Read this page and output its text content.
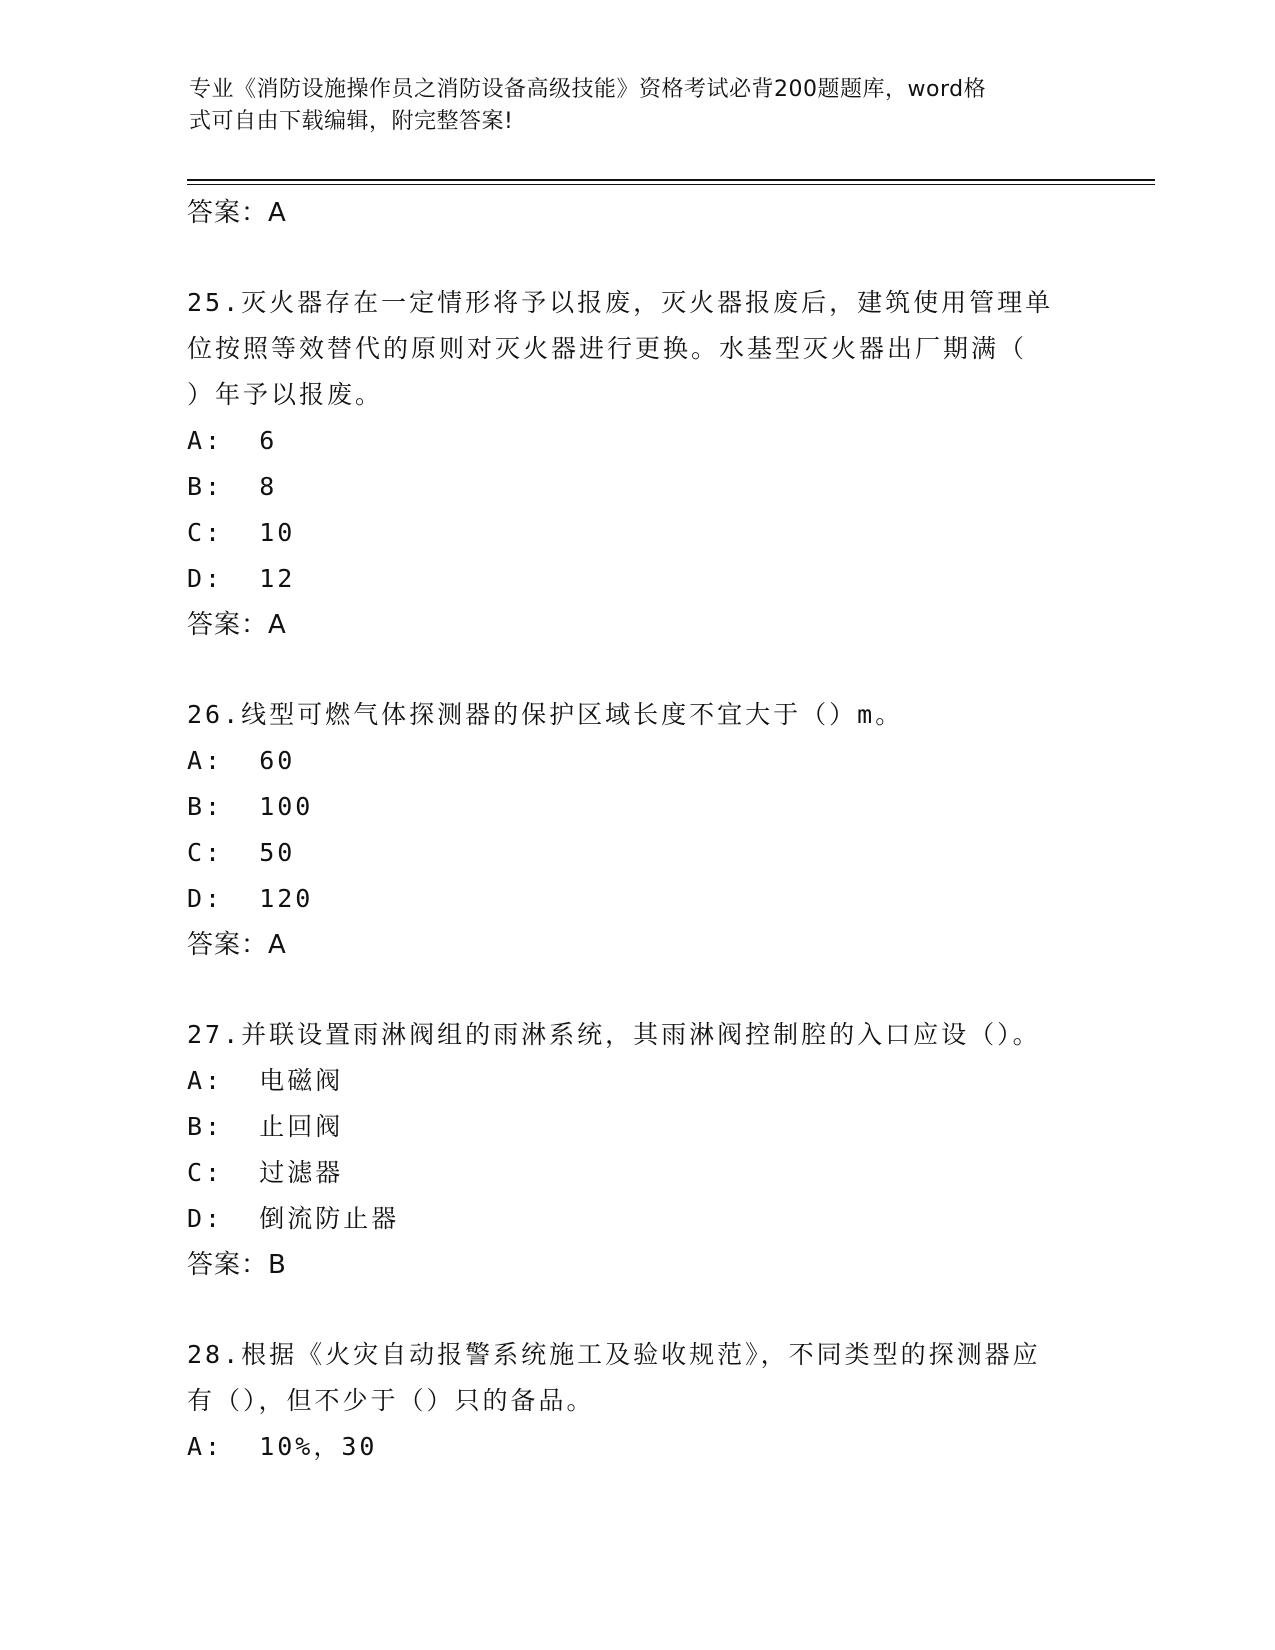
专业《消防设施操作员之消防设备高级技能》资格考试必背200题题库，word格
式可自由下载编辑，附完整答案!

答案：A

25.灭火器存在一定情形将予以报废，灭火器报废后，建筑使用管理单

位按照等效替代的原则对灭火器进行更换。水基型灭火器出厂期满（

）年予以报废。

A:  6

B:  8

C:  10

D:  12

答案：A

26.线型可燃气体探测器的保护区域长度不宜大于（）m。

A:  60

B:  100

C:  50

D:  120

答案：A

27.并联设置雨淋阀组的雨淋系统，其雨淋阀控制腔的入口应设（）。

A:  电磁阀

B:  止回阀

C:  过滤器

D:  倒流防止器

答案：B

28.根据《火灾自动报警系统施工及验收规范》，不同类型的探测器应

有（），但不少于（）只的备品。

A:  10%，30
